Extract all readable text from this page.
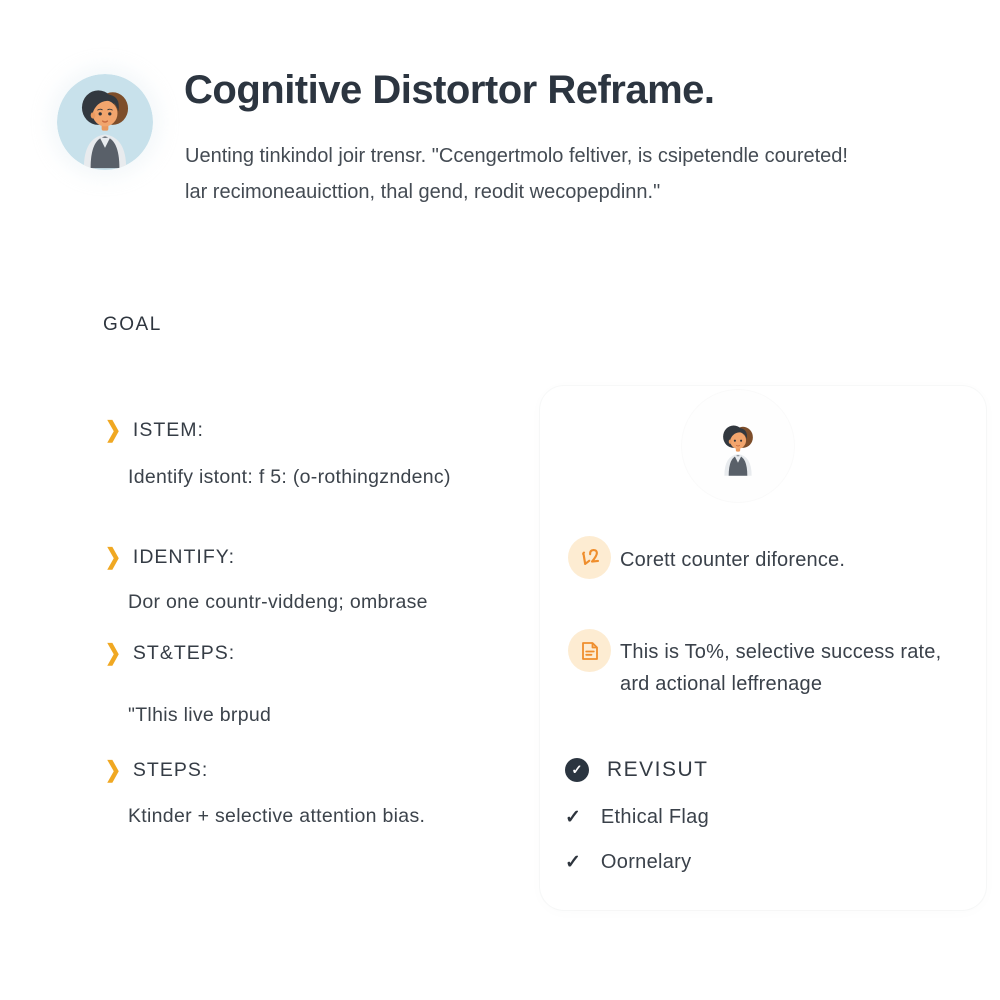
Cognitive Distortor Reframe.
Uenting tinkindol joir trensr. "Ccengertmolo feltiver, is csipetendle coureted!
lar recimoneauicttion, thal gend, reodit wecopepdinn."
GOAL
❯ ISTEM:
Identify istont: f 5: (o-rothingzndenc)
❯ IDENTIFY:
Dor one countr-viddeng; ombrase
❯ ST&TEPS:
"Tlhis live brpud
❯ STEPS:
Ktinder + selective attention bias.
Corett counter diforence.
This is To%, selective success rate,
ard actional leffrenage
✓ REVISUT
✓ Ethical Flag
✓ Oornelary
